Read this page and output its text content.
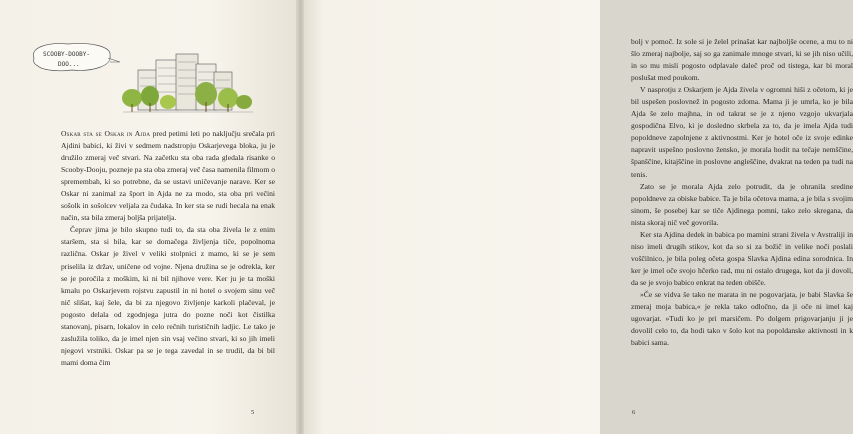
SCOOBY-DOOBY-
DOO...

Oskar sta se Oskar in Ajda pred petimi leti po naključju srečala pri Ajdini babici, ki živi v sedmem nadstropju Oskarjevega bloka, ju je družilo zmeraj več stvari. Na začetku sta oba rada gledala risanke o Scooby-Dooju, pozneje pa sta oba zmeraj več časa namenila filmom o spremembah, ki so potrebne, da se ustavi uničevanje narave. Ker se Oskar ni zanimal za šport in Ajda ne za modo, sta oba pri večini sošolk in sošolcev veljala za čudaka. In ker sta se rudi hecala na enak način, sta bila zmeraj boljša prijatelja.

Čeprav jima je bilo skupno tudi to, da sta oba živela le z enim staršem, sta si bila, kar se domačega življenja tiče, popolnoma različna. Oskar je živel v veliki stolpnici z mamo, ki se je sem priselila iz držav, uničene od vojne. Njena družina se je odrekla, ker se je poročila z moškim, ki ni bil njihove vere. Ker ju je ta moški kmalu po Oskarjevem rojstvu zapustil in ni hotel o svojem sinu več nič slišat, kaj šele, da bi za njegovo življenje karkoli plačeval, je pogosto delala od zgodnjega jutra do pozne noči kot čistilka stanovanj, pisarn, lokalov in celo rečnih turističnih ladjic. Le tako je zaslužila toliko, da je imel njen sin vsaj večino stvari, ki so jih imeli njegovi vrstniki. Oskar pa se je tega zavedal in se trudil, da bi bil mami doma čim

5

bolj v pomoč. Iz sole si je želel prinašat kar najboljše ocene, a mu to ni šlo zmeraj najbolje, saj so ga zanimale mnoge stvari, ki se jih niso učili, in so mu misli pogosto odplavale daleč proč od tistega, kar bi moral poslušat med poukom.

V nasprotju z Oskarjem je Ajda živela v ogromni hiši z očetom, ki je bil uspešen poslovnež in pogosto zdoma. Mama ji je umrla, ko je bila Ajda še zelo majhna, in od takrat se je z njeno vzgojo ukvarjala gospodična Elvo, ki je dosledno skrbela za to, da je imela Ajda tudi popoldneve zapolnjene z aktivnostmi. Ker je hotel oče iz svoje edinke napravit uspešno poslovno žensko, je morala hodit na tečaje nemščine, španščine, kitajščine in poslovne angleščine, dvakrat na teden pa tudi na tenis.

Zato se je morala Ajda zelo potrudit, da je ohranila sredine popoldneve za obiske babice. Ta je bila očetova mama, a je bila s svojim sinom, še posebej kar se tiče Ajdinega pomni, tako zelo skregana, da nista skoraj nič več govorila.

Ker sta Ajdina dedek in babica po mamini strani živela v Avstraliji in niso imeli drugih stikov, kot da so si za božič in velike noči poslali voščilnico, je bila poleg očeta gospa Slavka Ajdina edina sorodnica. In ker je imel oče svojo hčerko rad, mu ni ostalo drugega, kot da ji dovoli, da se je svojo babico enkrat na teden obišče.

»Če se vidva še tako ne marata in ne pogovarjata, je babi Slavka še zmeraj moja babica,« je rekla tako odločno, da ji oče ni imel kaj ugovarjat. »Tudi ko je pri marsičem. Po dolgem prigovarjanju ji je dovolil celo to, da hodi tako v šolo kot na popoldanske aktivnosti in k babici sama.

6
